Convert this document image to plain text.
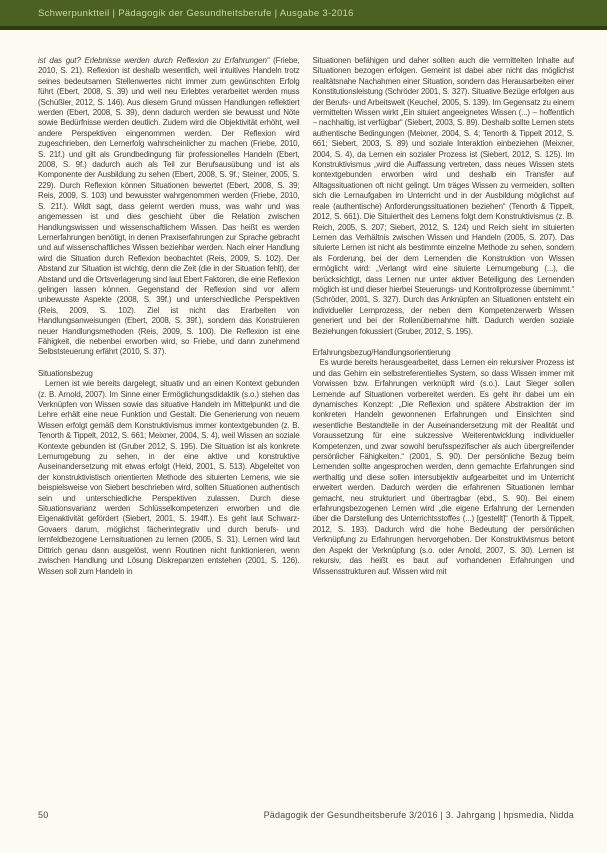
Schwerpunktteil | Pädagogik der Gesundheitsberufe | Ausgabe 3-2016

ist das gut? Erlebnisse werden durch Reflexion zu Erfahrungen“ (Friebe, 2010, S. 21). Reflexion ist deshalb wesentlich, weil intuitives Handeln trotz seines bedeutsamen Stellenwertes nicht immer zum gewünschten Erfolg führt (Ebert, 2008, S. 39) und weil neu Erlebtes verarbeitet werden muss (Schüßler, 2012, S. 146). Aus diesem Grund müssen Handlungen reflektiert werden (Ebert, 2008, S. 39), denn dadurch werden sie bewusst und Nöte sowie Bedürfnisse werden deutlich. Zudem wird die Objektivität erhöht, weil andere Perspektiven eingenommen werden. Der Reflexion wird zugeschrieben, den Lernerfolg wahrscheinlicher zu machen (Friebe, 2010, S. 21f.) und gilt als Grundbedingung für professionelles Handeln (Ebert, 2008, S. 9f.) dadurch auch als Teil zur Berufsausübung und ist als Komponente der Ausbildung zu sehen (Ebert, 2008, S. 9f.; Steiner, 2005, S. 229). Durch Reflexion können Situationen bewertet (Ebert, 2008, S. 39; Reis, 2009, S. 103) und bewusster wahrgenommen werden (Friebe, 2010, S. 21f.). Wildt sagt, dass gelernt werden muss, was wahr und was angemessen ist und dies geschieht über die Relation zwischen Handlungswissen und wissenschaftlichem Wissen. Das heißt es werden Lernerfahrungen benötigt, in denen Praxiserfahrungen zur Sprache gebracht und auf wissenschaftliches Wissen beziehbar werden. Nach einer Handlung wird die Situation durch Reflexion beobachtet (Reis, 2009, S. 102). Der Abstand zur Situation ist wichtig, denn die Zeit (die in der Situation fehlt), der Abstand und die Ortsverlagerung sind laut Ebert Faktoren, die eine Reflexion gelingen lassen können. Gegenstand der Reflexion sind vor allem unbewusste Aspekte (2008, S. 39f.) und unterschiedliche Perspektiven (Reis, 2009, S. 102). Ziel ist nicht das Erarbeiten von Handlungsanweisungen (Ebert, 2008, S. 39f.), sondern das Konstruieren neuer Handlungsmethoden (Reis, 2009, S. 100). Die Reflexion ist eine Fähigkeit, die nebenbei erworben wird, so Friebe, und dann zunehmend Selbststeuerung erfährt (2010, S. 37).

Situationsbezug

Lernen ist wie bereits dargelegt, situativ und an einen Kontext gebunden (z. B. Arnold, 2007). Im Sinne einer Ermöglichungsdidaktik (s.o.) stehen das Verknüpfen von Wissen sowie das situative Handeln im Mittelpunkt und die Lehre erhält eine neue Funktion und Gestalt. Die Generierung von neuem Wissen erfolgt gemäß dem Konstruktivismus immer kontextgebunden (z. B. Tenorth & Tippelt, 2012, S. 661; Meixner, 2004, S. 4), weil Wissen an soziale Kontexte gebunden ist (Gruber 2012, S. 195). Die Situation ist als konkrete Lernumgebung zu sehen, in der eine aktive und konstruktive Auseinandersetzung mit etwas erfolgt (Heid, 2001, S. 513). Abgeleitet von der konstruktivistisch orientierten Methode des situierten Lernens, wie sie beispielsweise von Siebert beschrieben wird, sollten Situationen authentisch sein und unterschiedliche Perspektiven zulassen. Durch diese Situationsvarianz werden Schlüsselkompetenzen erworben und die Eigenaktivität gefördert (Siebert, 2001, S. 194ff.). Es geht laut Schwarz-Govaers darum, möglichst fächerintegrativ und durch berufs- und lernfeldbezogene Lernsituationen zu lernen (2005, S. 31). Lernen wird laut Dittrich genau dann ausgelöst, wenn Routinen nicht funktionieren, wenn zwischen Handlung und Lösung Diskrepanzen entstehen (2001, S. 126). Wissen soll zum Handeln in

Situationen befähigen und daher sollten auch die vermittelten Inhalte auf Situationen bezogen erfolgen. Gemeint ist dabei aber nicht das möglichst realitätsnahe Nachahmen einer Situation, sondern das Herausarbeiten einer Konstitutionsleistung (Schröder 2001, S. 327). Situative Bezüge erfolgen aus der Berufs- und Arbeitswelt (Keuchel, 2005, S. 139). Im Gegensatz zu einem vermittelten Wissen wirkt „Ein situiert angeeignetes Wissen (...) – hoffentlich – nachhaltig, ist verfügbar“ (Siebert, 2003, S. 89). Deshalb sollte Lernen stets authentische Bedingungen (Meixner, 2004, S. 4; Tenorth & Tippelt 2012, S. 661; Siebert, 2003, S. 89) und soziale Interaktion einbeziehen (Meixner, 2004, S. 4), da Lernen ein sozialer Prozess ist (Siebert, 2012, S. 125). Im Konstruktivismus „wird die Auffassung vertreten, dass neues Wissen stets kontextgebunden erworben wird und deshalb ein Transfer auf Alltagssituationen oft nicht gelingt. Um träges Wissen zu vermeiden, sollten sich die Lernaufgaben im Unterricht und in der Ausbildung möglichst auf reale (authentische) Anforderungssituationen beziehen“ (Tenorth & Tippelt, 2012, S. 661). Die Situiertheit des Lernens folgt dem Konstruktivismus (z. B. Reich, 2005, S. 207; Siebert, 2012, S. 124) und Reich sieht im situierten Lernen das Verhältnis zwischen Wissen und Handeln (2005, S. 207). Das situierte Lernen ist nicht als bestimmte einzelne Methode zu sehen, sondern als Forderung, bei der dem Lernenden die Konstruktion von Wissen ermöglicht wird: „Verlangt wird eine situierte Lernumgebung (...), die berücksichtigt, dass Lernen nur unter aktiver Beteiligung des Lernenden möglich ist und dieser hierbei Steuerungs- und Kontrollprozesse übernimmt.“ (Schröder, 2001, S. 327). Durch das Anknüpfen an Situationen entsteht ein individueller Lernprozess, der neben dem Kompetenzerwerb Wissen generiert und bei der Rollenübernahme hilft. Dadurch werden soziale Beziehungen fokussiert (Gruber, 2012, S. 195).

Erfahrungsbezug/Handlungsorientierung

Es wurde bereits herausgearbeitet, dass Lernen ein rekursiver Prozess ist und das Gehirn ein selbstreferentielles System, so dass Wissen immer mit Vorwissen bzw. Erfahrungen verknüpft wird (s.o.). Laut Sieger sollen Lernende auf Situationen vorbereitet werden. Es geht ihr dabei um ein dynamisches Konzept: „Die Reflexion und spätere Abstraktion der im konkreten Handeln gewonnenen Erfahrungen und Einsichten sind wesentliche Bestandteile in der Auseinandersetzung mit der Realität und Voraussetzung für eine sukzessive Weiterentwicklung individueller Kompetenzen, und zwar sowohl berufsspezifischer als auch übergreifender persönlicher Fähigkeiten.“ (2001, S. 90). Der persönliche Bezug beim Lernenden sollte angesprochen werden, denn gemachte Erfahrungen sind werthaltig und diese sollen intersubjektiv aufgearbeitet und im Unterricht erweitert werden. Dadurch werden die erfahrenen Situationen lernbar gemacht, neu strukturiert und übertragbar (ebd., S. 90). Bei einem erfahrungsbezogenen Lernen wird „die eigene Erfahrung der Lernenden über die Darstellung des Unterrichtsstoffes (...) [gestellt]“ (Tenorth & Tippelt, 2012, S. 193). Dadurch wird die hohe Bedeutung der persönlichen Verknüpfung zu Erfahrungen hervorgehoben. Der Konstruktivismus betont den Aspekt der Verknüpfung (s.o. oder Arnold, 2007, S. 30). Lernen ist rekursiv, das heißt es baut auf vorhandenen Erfahrungen und Wissensstrukturen auf. Wissen wird mit

50	Pädagogik der Gesundheitsberufe 3/2016 | 3. Jahrgang | hpsmedia, Nidda
